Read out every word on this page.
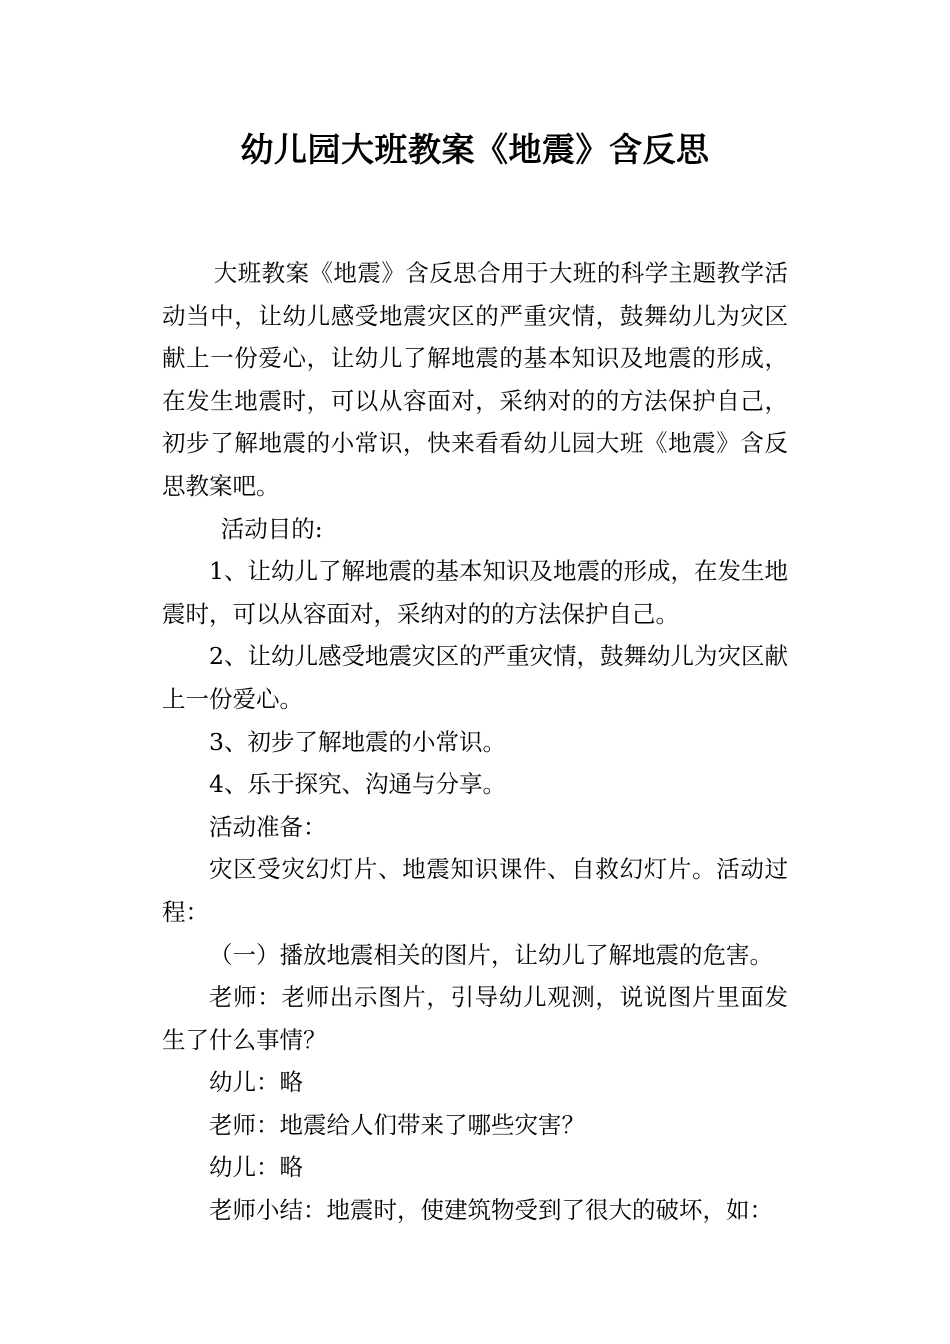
幼儿园大班教案《地震》含反思

大班教案《地震》含反思合用于大班的科学主题教学活动当中，让幼儿感受地震灾区的严重灾情，鼓舞幼儿为灾区献上一份爱心，让幼儿了解地震的基本知识及地震的形成，在发生地震时，可以从容面对，采纳对的的方法保护自己，初步了解地震的小常识，快来看看幼儿园大班《地震》含反思教案吧。

活动目的:

1、让幼儿了解地震的基本知识及地震的形成，在发生地震时，可以从容面对，采纳对的的方法保护自己。

2、让幼儿感受地震灾区的严重灾情，鼓舞幼儿为灾区献上一份爱心。

3、初步了解地震的小常识。

4、乐于探究、沟通与分享。

活动准备：

灾区受灾幻灯片、地震知识课件、自救幻灯片。活动过程：

（一）播放地震相关的图片，让幼儿了解地震的危害。

老师：老师出示图片，引导幼儿观测，说说图片里面发生了什么事情？

幼儿：略

老师：地震给人们带来了哪些灾害？

幼儿：略

老师小结：地震时，使建筑物受到了很大的破坏，如：
